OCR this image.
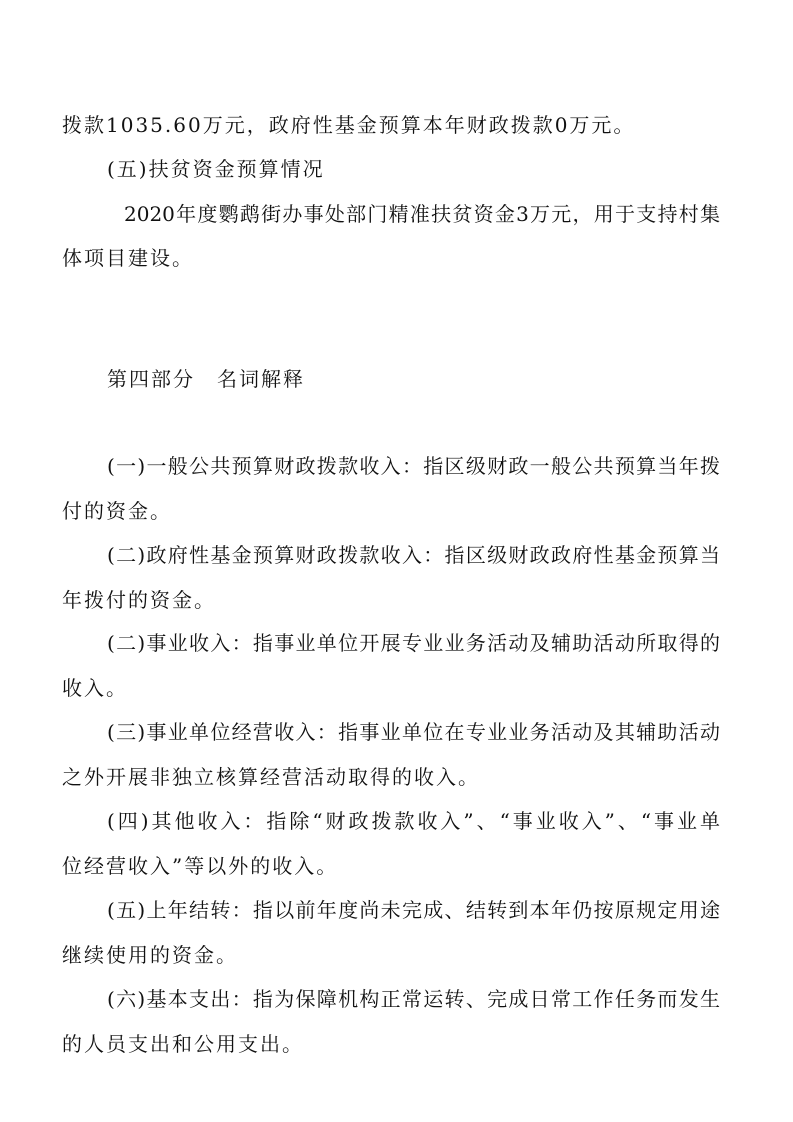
拨款1035.60万元，政府性基金预算本年财政拨款0万元。

(五)扶贫资金预算情况

2020年度鹦鹉街办事处部门精准扶贫资金3万元，用于支持村集

体项目建设。

第四部分　名词解释

(一)一般公共预算财政拨款收入：指区级财政一般公共预算当年拨

付的资金。

(二)政府性基金预算财政拨款收入：指区级财政政府性基金预算当

年拨付的资金。

(二)事业收入：指事业单位开展专业业务活动及辅助活动所取得的

收入。

(三)事业单位经营收入：指事业单位在专业业务活动及其辅助活动

之外开展非独立核算经营活动取得的收入。

(四)其他收入：指除“财政拨款收入”、“事业收入”、“事业单

位经营收入”等以外的收入。

(五)上年结转：指以前年度尚未完成、结转到本年仍按原规定用途

继续使用的资金。

(六)基本支出：指为保障机构正常运转、完成日常工作任务而发生

的人员支出和公用支出。
